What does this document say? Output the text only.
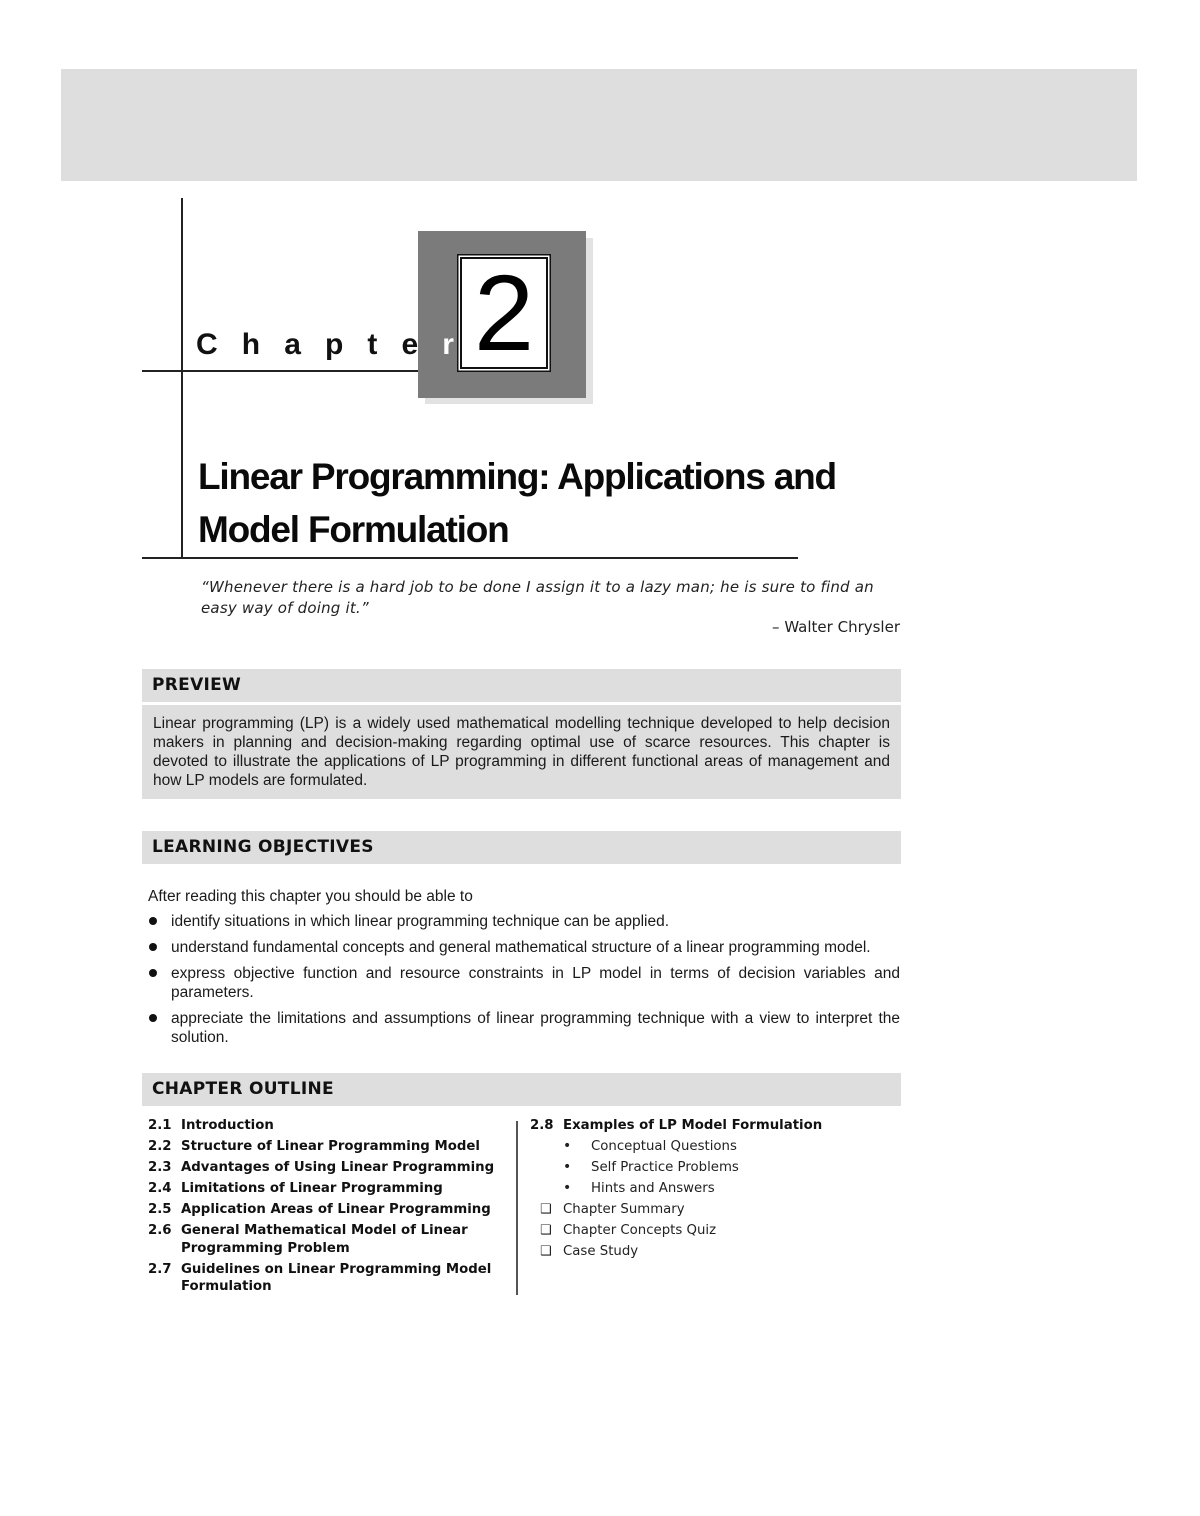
2
C h a p t e r
Linear Programming: Applications and
Model Formulation
“Whenever there is a hard job to be done I assign it to a lazy man; he is sure to find an easy way of doing it.”
– Walter Chrysler
PREVIEW
Linear programming (LP) is a widely used mathematical modelling technique developed to help decision makers in planning and decision-making regarding optimal use of scarce resources. This chapter is devoted to illustrate the applications of LP programming in different functional areas of management and how LP models are formulated.
LEARNING OBJECTIVES
After reading this chapter you should be able to
identify situations in which linear programming technique can be applied.
understand fundamental concepts and general mathematical structure of a linear programming model.
express objective function and resource constraints in LP model in terms of decision variables and parameters.
appreciate the limitations and assumptions of linear programming technique with a view to interpret the solution.
CHAPTER OUTLINE
2.1 Introduction
2.2 Structure of Linear Programming Model
2.3 Advantages of Using Linear Programming
2.4 Limitations of Linear Programming
2.5 Application Areas of Linear Programming
2.6 General Mathematical Model of Linear Programming Problem
2.7 Guidelines on Linear Programming Model Formulation
2.8 Examples of LP Model Formulation
•	Conceptual Questions
•	Self Practice Problems
•	Hints and Answers
❑ Chapter Summary
❑ Chapter Concepts Quiz
❑ Case Study
